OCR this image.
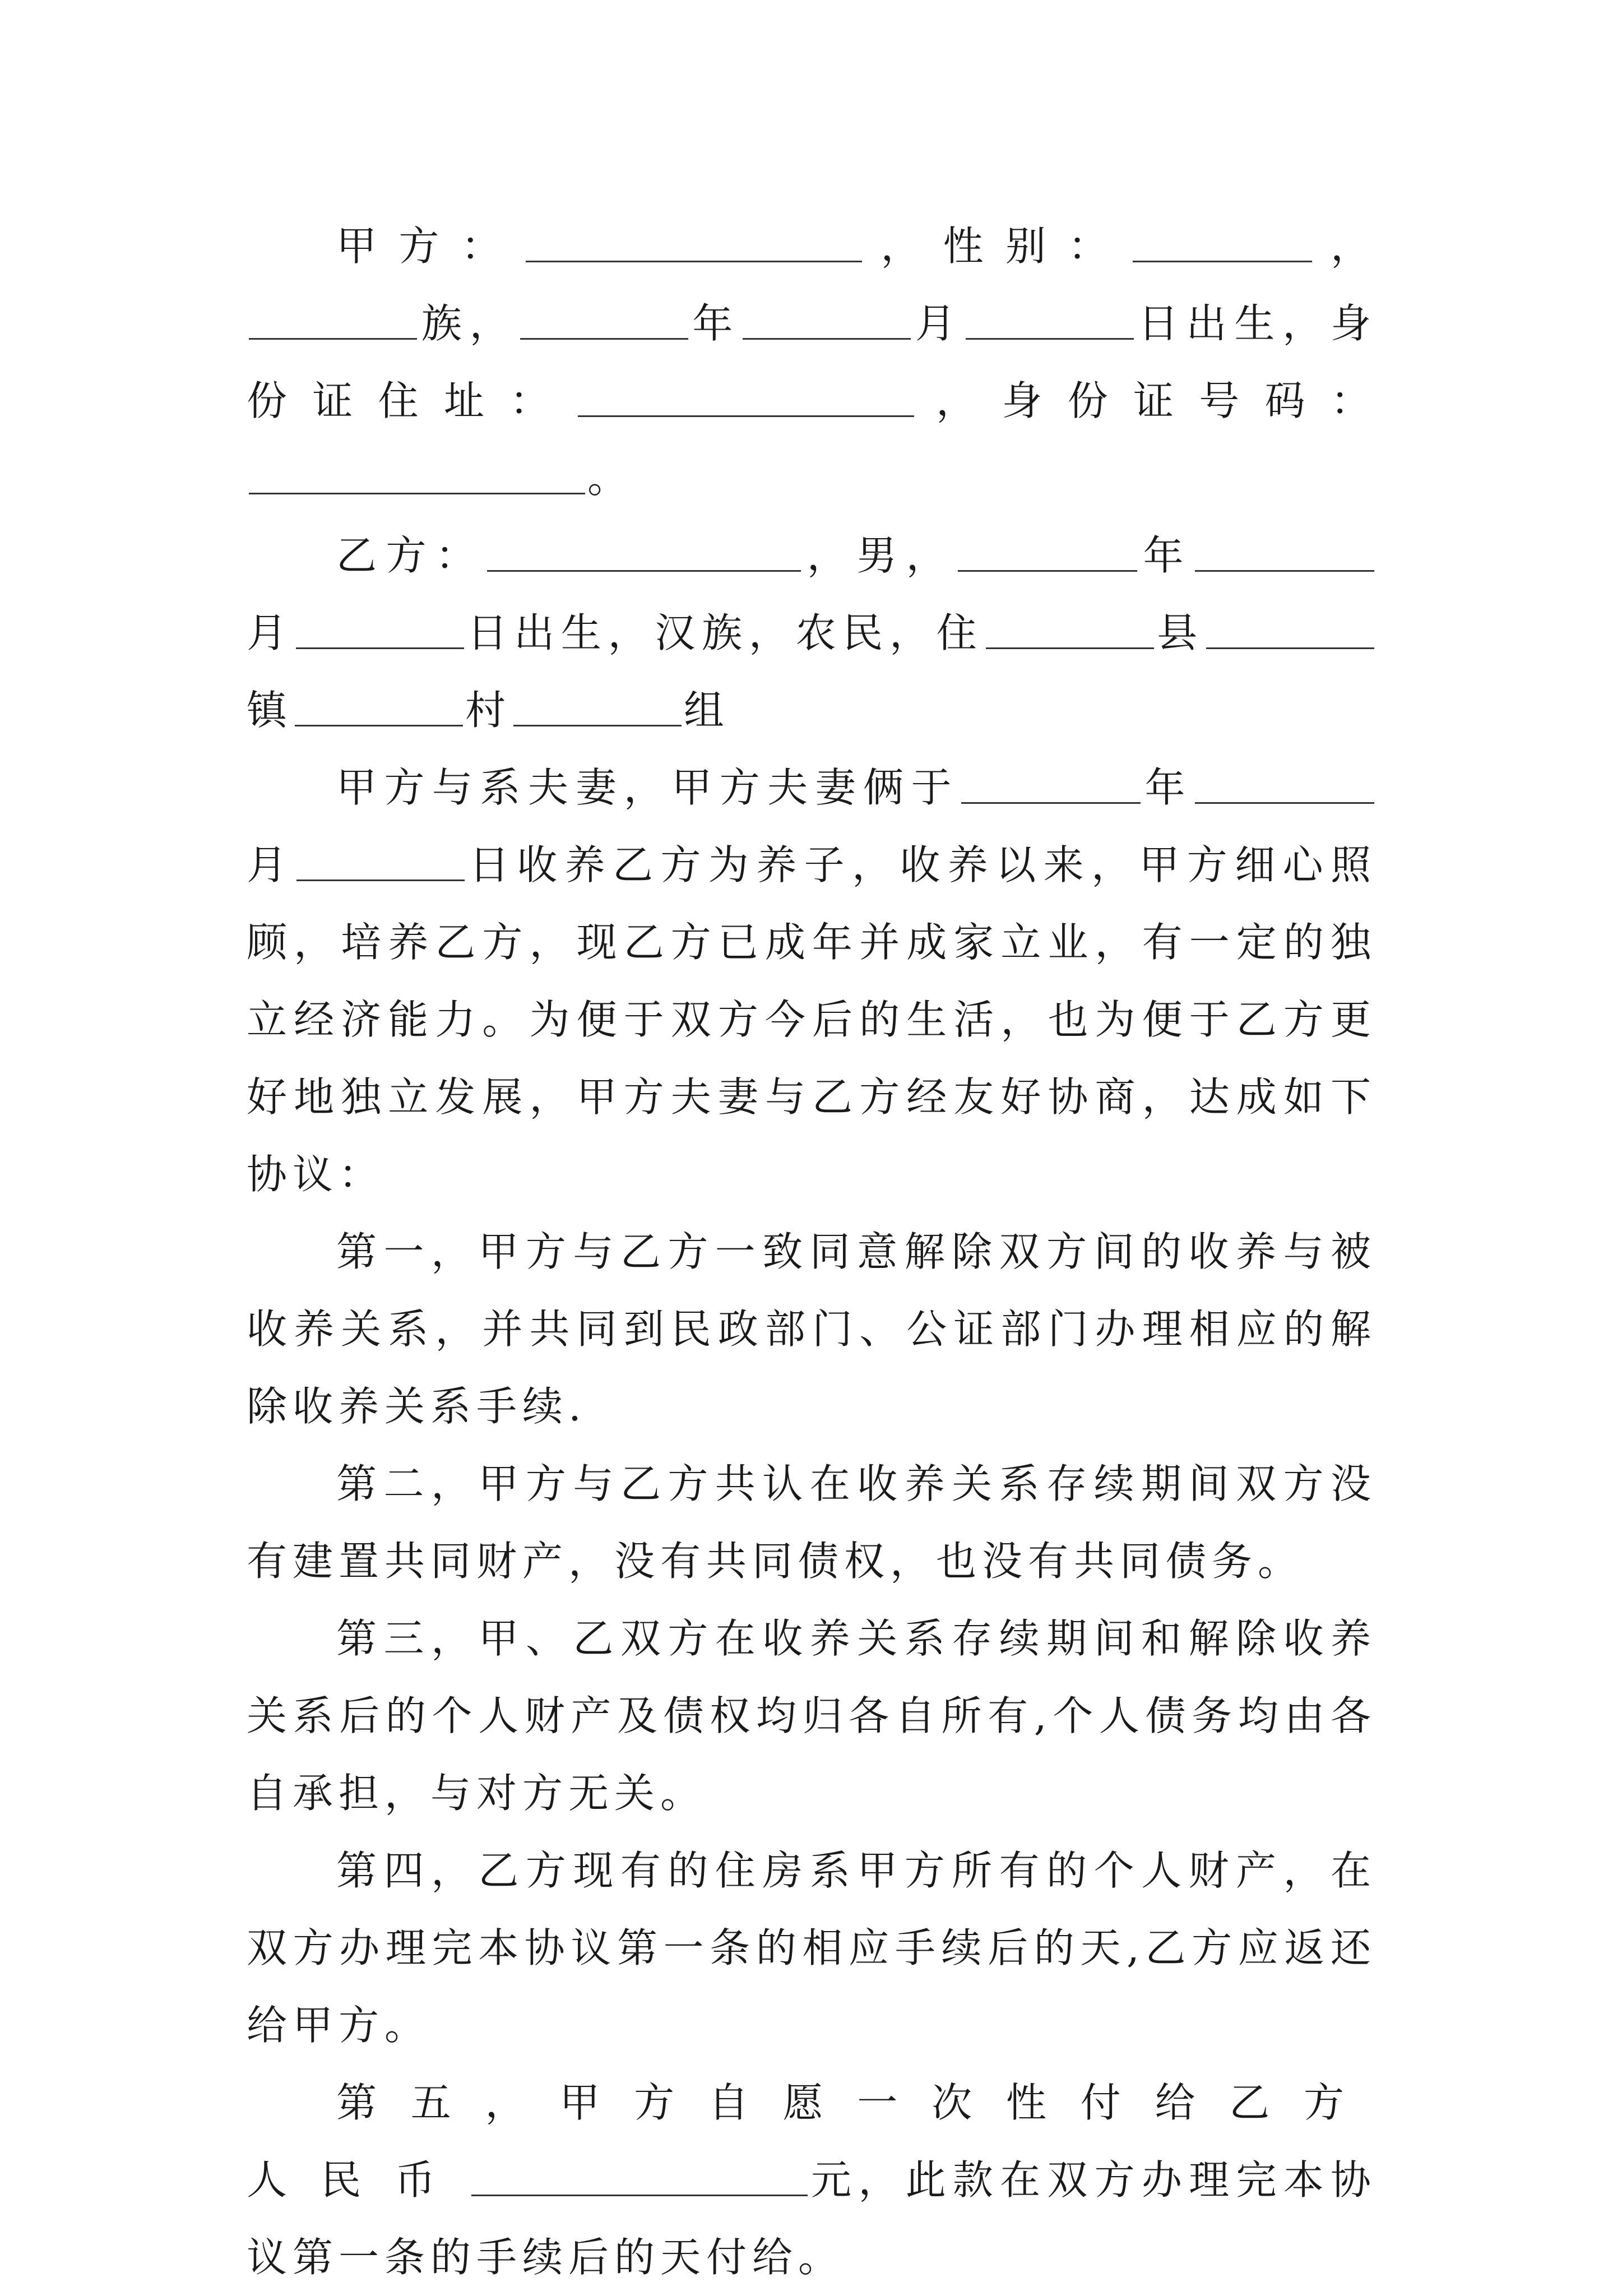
甲方：	，性别：	，族，	年	月	日出生，身份证住址：	，身份证号码：。

乙方：	，男，	年月	日出生，汉族，农民，住	县镇	村	组

甲方与系夫妻，甲方夫妻俩于	年月	日收养乙方为养子，收养以来，甲方细心照顾，培养乙方，现乙方已成年并成家立业，有一定的独立经济能力。为便于双方今后的生活，也为便于乙方更好地独立发展，甲方夫妻与乙方经友好协商，达成如下协议：

第一，甲方与乙方一致同意解除双方间的收养与被收养关系，并共同到民政部门、公证部门办理相应的解除收养关系手续.

第二，甲方与乙方共认在收养关系存续期间双方没有建置共同财产，没有共同债权，也没有共同债务。

第三，甲、乙双方在收养关系存续期间和解除收养关系后的个人财产及债权均归各自所有,个人债务均由各自承担，与对方无关。

第四，乙方现有的住房系甲方所有的个人财产，在双方办理完本协议第一条的相应手续后的天,乙方应返还给甲方。

第五，甲方自愿一次性付给乙方人民币	元，此款在双方办理完本协议第一条的手续后的天付给。
